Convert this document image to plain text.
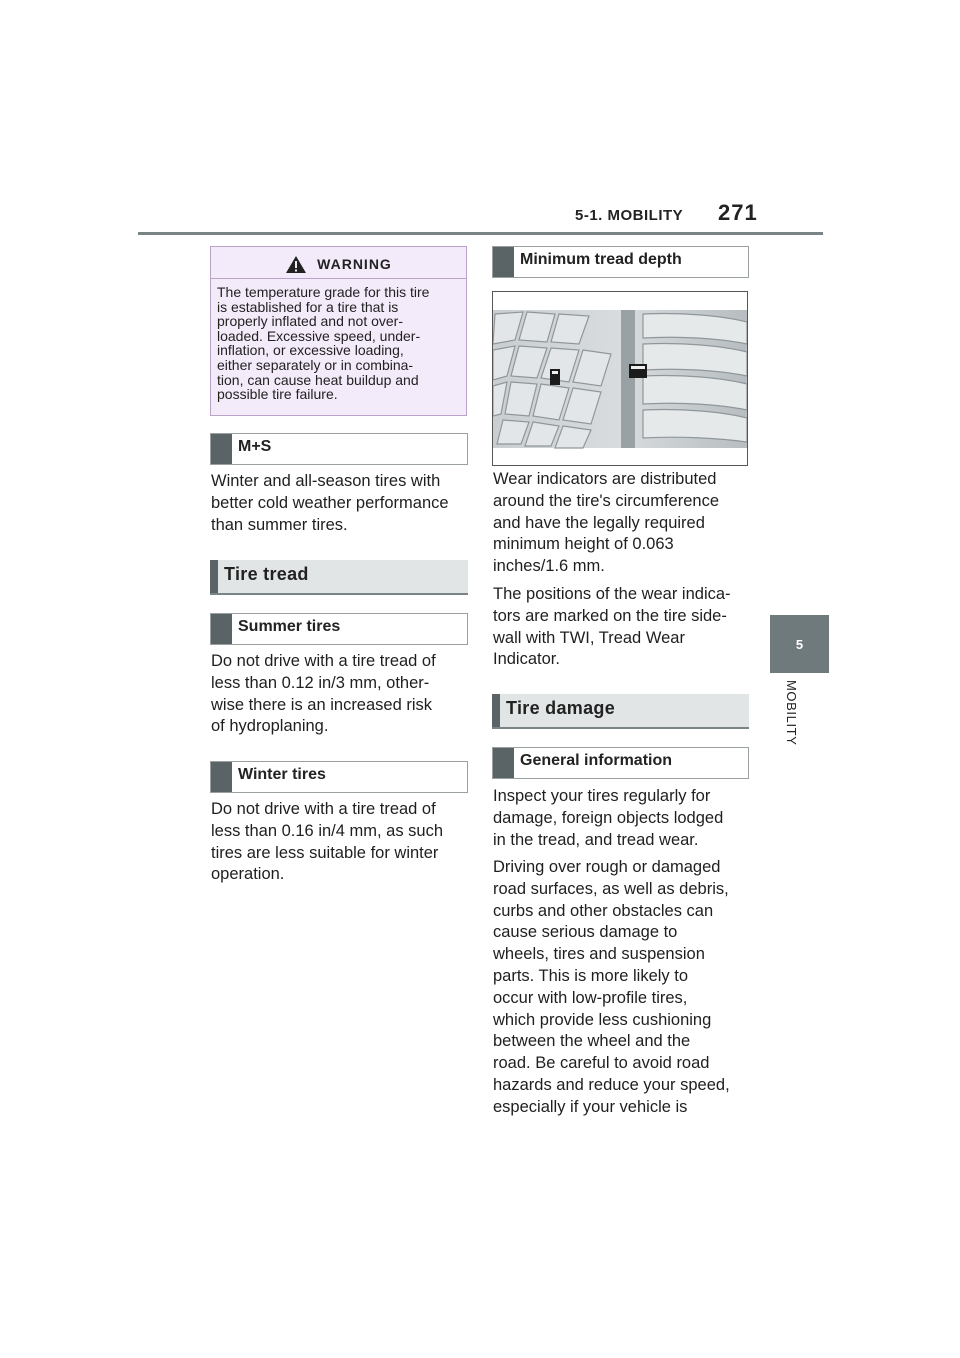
5-1. MOBILITY 271
5
MOBILITY
WARNING
The temperature grade for this tire
is established for a tire that is
properly inflated and not over-
loaded. Excessive speed, under-
inflation, or excessive loading,
either separately or in combina-
tion, can cause heat buildup and
possible tire failure.
M+S
Winter and all-season tires with
better cold weather performance
than summer tires.
Tire tread
Summer tires
Do not drive with a tire tread of
less than 0.12 in/3 mm, other-
wise there is an increased risk
of hydroplaning.
Winter tires
Do not drive with a tire tread of
less than 0.16 in/4 mm, as such
tires are less suitable for winter
operation.
Minimum tread depth
Wear indicators are distributed
around the tire's circumference
and have the legally required
minimum height of 0.063
inches/1.6 mm.
The positions of the wear indica-
tors are marked on the tire side-
wall with TWI, Tread Wear
Indicator.
Tire damage
General information
Inspect your tires regularly for
damage, foreign objects lodged
in the tread, and tread wear.
Driving over rough or damaged
road surfaces, as well as debris,
curbs and other obstacles can
cause serious damage to
wheels, tires and suspension
parts. This is more likely to
occur with low-profile tires,
which provide less cushioning
between the wheel and the
road. Be careful to avoid road
hazards and reduce your speed,
especially if your vehicle is
